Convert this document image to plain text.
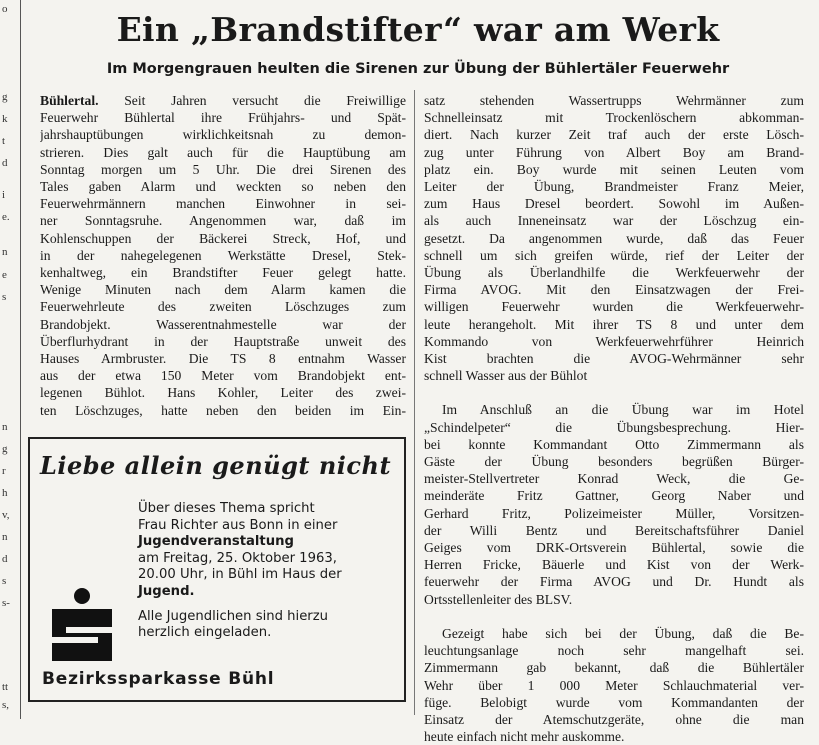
o
g
k
t
d
i
e.
n
e
s
n
g
r
h
v,
n
d
s
s-
tt
s,
Ein „Brandstifter“ war am Werk
Im Morgengrauen heulten die Sirenen zur Übung der Bühlertäler Feuerwehr
Bühlertal. Seit Jahren versucht die Freiwillige
Feuerwehr Bühlertal ihre Frühjahrs- und Spät-
jahrshauptübungen wirklichkeitsnah zu demon-
strieren. Dies galt auch für die Hauptübung am
Sonntag morgen um 5 Uhr. Die drei Sirenen des
Tales gaben Alarm und weckten so neben den
Feuerwehrmännern manchen Einwohner in sei-
ner Sonntagsruhe. Angenommen war, daß im
Kohlenschuppen der Bäckerei Streck, Hof, und
in der nahegelegenen Werkstätte Dresel, Stek-
kenhaltweg, ein Brandstifter Feuer gelegt hatte.
Wenige Minuten nach dem Alarm kamen die
Feuerwehrleute des zweiten Löschzuges zum
Brandobjekt. Wasserentnahmestelle war der
Überflurhydrant in der Hauptstraße unweit des
Hauses Armbruster. Die TS 8 entnahm Wasser
aus der etwa 150 Meter vom Brandobjekt ent-
legenen Bühlot. Hans Kohler, Leiter des zwei-
ten Löschzuges, hatte neben den beiden im Ein-
Liebe allein genügt nicht
Über dieses Thema spricht
Frau Richter aus Bonn in einer
Jugendveranstaltung
am Freitag, 25. Oktober 1963,
20.00 Uhr, in Bühl im Haus der
Jugend.
Alle Jugendlichen sind hierzu
herzlich eingeladen.

Bezirkssparkasse Bühl

satz stehenden Wassertrupps Wehrmänner zum
Schnelleinsatz mit Trockenlöschern abkomman-
diert. Nach kurzer Zeit traf auch der erste Lösch-
zug unter Führung von Albert Boy am Brand-
platz ein. Boy wurde mit seinen Leuten vom
Leiter der Übung, Brandmeister Franz Meier,
zum Haus Dresel beordert. Sowohl im Außen-
als auch Inneneinsatz war der Löschzug ein-
gesetzt. Da angenommen wurde, daß das Feuer
schnell um sich greifen würde, rief der Leiter der
Übung als Überlandhilfe die Werkfeuerwehr der
Firma AVOG. Mit den Einsatzwagen der Frei-
willigen Feuerwehr wurden die Werkfeuerwehr-
leute herangeholt. Mit ihrer TS 8 und unter dem
Kommando von Werkfeuerwehrführer Heinrich
Kist brachten die AVOG-Wehrmänner sehr
schnell Wasser aus der Bühlot
Im Anschluß an die Übung war im Hotel
„Schindelpeter“ die Übungsbesprechung. Hier-
bei konnte Kommandant Otto Zimmermann als
Gäste der Übung besonders begrüßen Bürger-
meister-Stellvertreter Konrad Weck, die Ge-
meinderäte Fritz Gattner, Georg Naber und
Gerhard Fritz, Polizeimeister Müller, Vorsitzen-
der Willi Bentz und Bereitschaftsführer Daniel
Geiges vom DRK-Ortsverein Bühlertal, sowie die
Herren Fricke, Bäuerle und Kist von der Werk-
feuerwehr der Firma AVOG und Dr. Hundt als
Ortsstellenleiter des BLSV.
Gezeigt habe sich bei der Übung, daß die Be-
leuchtungsanlage noch sehr mangelhaft sei.
Zimmermann gab bekannt, daß die Bühlertäler
Wehr über 1 000 Meter Schlauchmaterial ver-
füge. Belobigt wurde vom Kommandanten der
Einsatz der Atemschutzgeräte, ohne die man
heute einfach nicht mehr auskomme.
